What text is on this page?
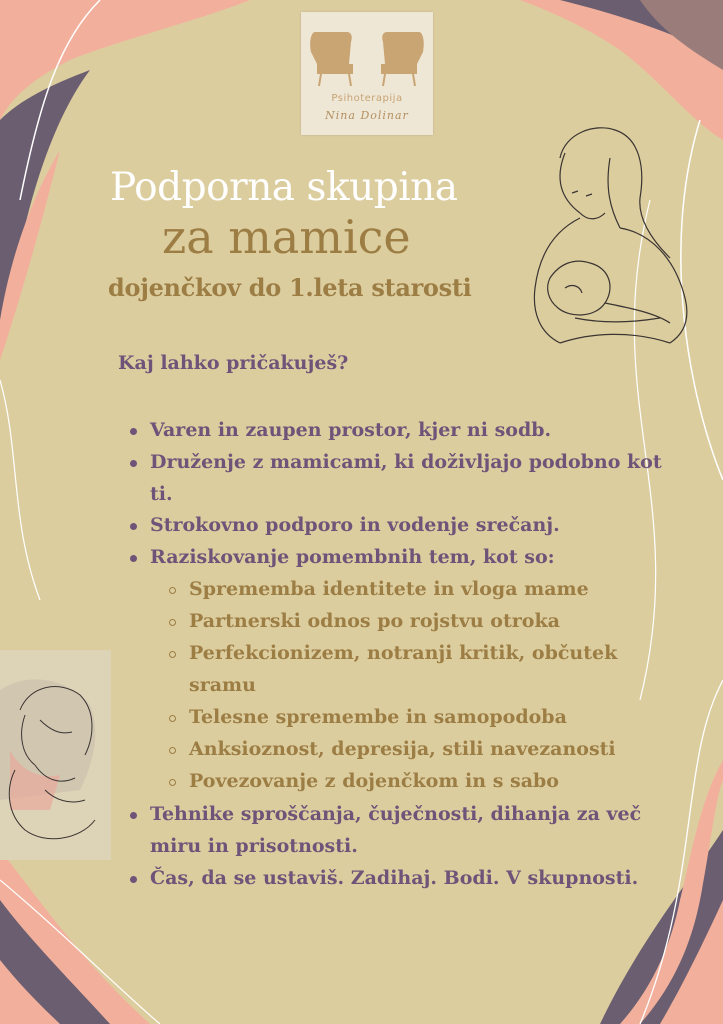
Psihoterapija
Nina Dolinar
Podporna skupina
za mamice
dojenčkov do 1.leta starosti
Kaj lahko pričakuješ?
Varen in zaupen prostor, kjer ni sodb.
Druženje z mamicami, ki doživljajo podobno kot
ti.
Strokovno podporo in vodenje srečanj.
Raziskovanje pomembnih tem, kot so:
Sprememba identitete in vloga mame
Partnerski odnos po rojstvu otroka
Perfekcionizem, notranji kritik, občutek
sramu
Telesne spremembe in samopodoba
Anksioznost, depresija, stili navezanosti
Povezovanje z dojenčkom in s sabo
Tehnike sproščanja, čuječnosti, dihanja za več
miru in prisotnosti.
Čas, da se ustaviš. Zadihaj. Bodi. V skupnosti.
